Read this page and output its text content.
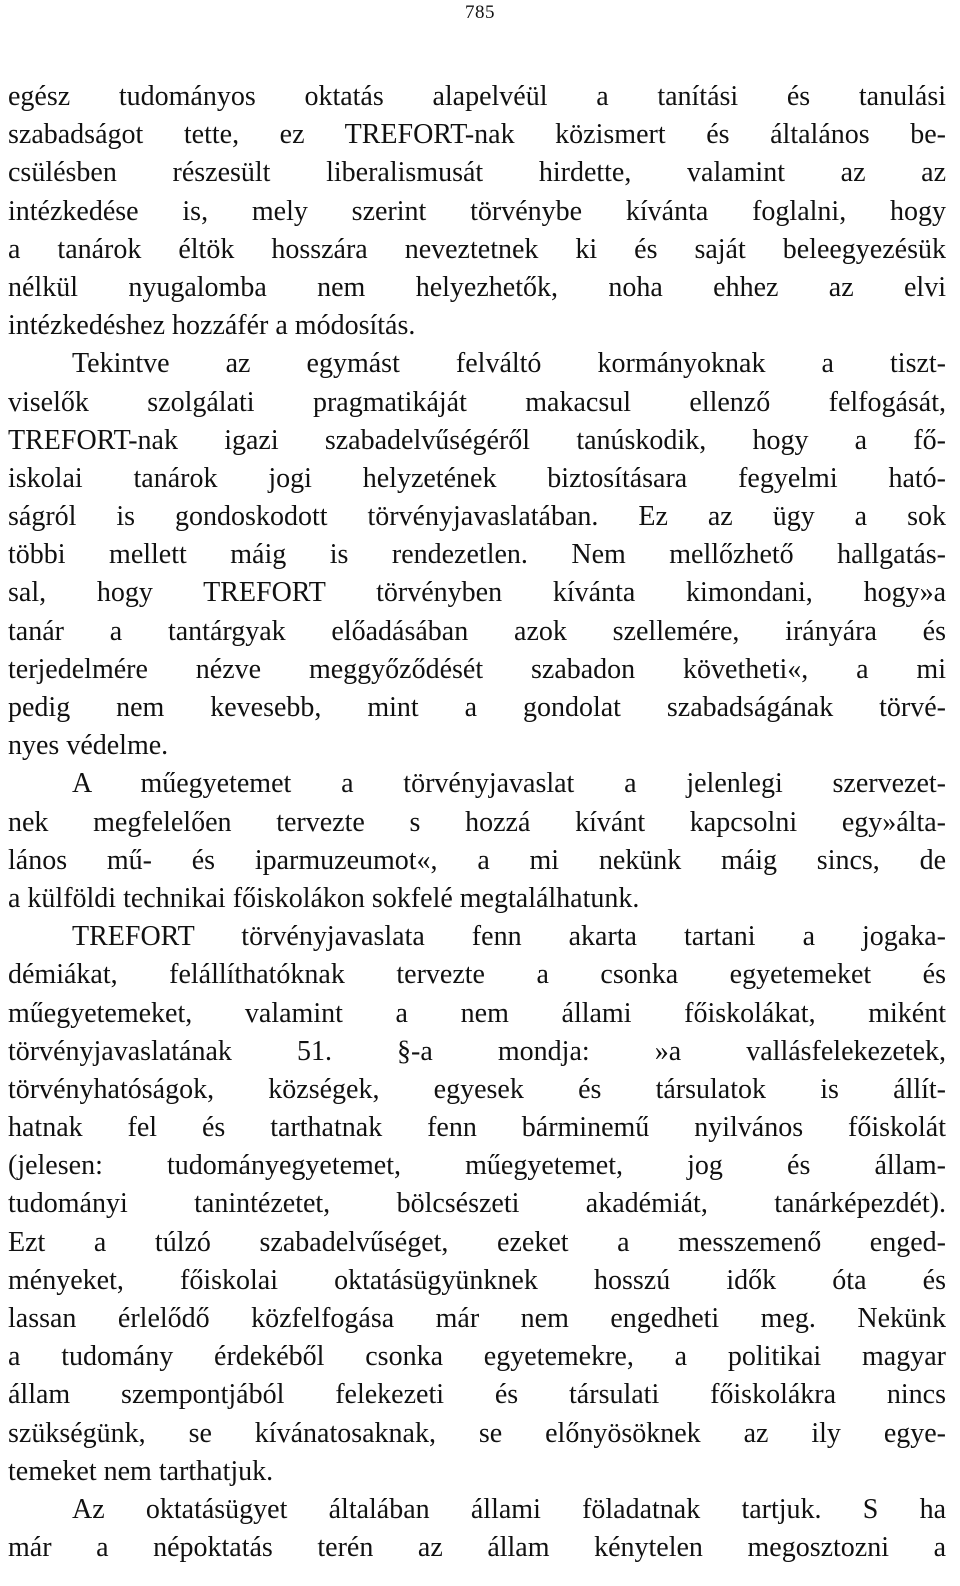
785
egész tudományos oktatás alapelvéül a tanítási és tanulási
szabadságot tette, ez TREFORT-nak közismert és általános be-
csülésben részesült liberalismusát hirdette, valamint az az
intézkedése is, mely szerint törvénybe kívánta foglalni, hogy
a tanárok éltök hosszára neveztetnek ki és saját beleegyezésük
nélkül nyugalomba nem helyezhetők, noha ehhez az elvi
intézkedéshez hozzáfér a módosítás.
Tekintve az egymást felváltó kormányoknak a tiszt-
viselők szolgálati pragmatikáját makacsul ellenző felfogását,
TREFORT-nak igazi szabadelvűségéről tanúskodik, hogy a fő-
iskolai tanárok jogi helyzetének biztosításara fegyelmi ható-
ságról is gondoskodott törvényjavaslatában. Ez az ügy a sok
többi mellett máig is rendezetlen. Nem mellőzhető hallgatás-
sal, hogy TREFORT törvényben kívánta kimondani, hogy»a
tanár a tantárgyak előadásában azok szellemére, irányára és
terjedelmére nézve meggyőződését szabadon követheti«, a mi
pedig nem kevesebb, mint a gondolat szabadságának törvé-
nyes védelme.
A műegyetemet a törvényjavaslat a jelenlegi szervezet-
nek megfelelően tervezte s hozzá kívánt kapcsolni egy»álta-
lános mű- és iparmuzeumot«, a mi nekünk máig sincs, de
a külföldi technikai főiskolákon sokfelé megtalálhatunk.
TREFORT törvényjavaslata fenn akarta tartani a jogaka-
démiákat, felállíthatóknak tervezte a csonka egyetemeket és
műegyetemeket, valamint a nem állami főiskolákat, miként
törvényjavaslatának 51. §-a mondja: »a vallásfelekezetek,
törvényhatóságok, községek, egyesek és társulatok is állít-
hatnak fel és tarthatnak fenn bárminemű nyilvános főiskolát
(jelesen: tudományegyetemet, műegyetemet, jog és állam-
tudományi tanintézetet, bölcsészeti akadémiát, tanárképezdét).
Ezt a túlzó szabadelvűséget, ezeket a messzemenő enged-
ményeket, főiskolai oktatásügyünknek hosszú idők óta és
lassan érlelődő közfelfogása már nem engedheti meg. Nekünk
a tudomány érdekéből csonka egyetemekre, a politikai magyar
állam szempontjából felekezeti és társulati főiskolákra nincs
szükségünk, se kívánatosaknak, se előnyösöknek az ily egye-
temeket nem tarthatjuk.
Az oktatásügyet általában állami föladatnak tartjuk. S ha
már a népoktatás terén az állam kénytelen megosztozni a
